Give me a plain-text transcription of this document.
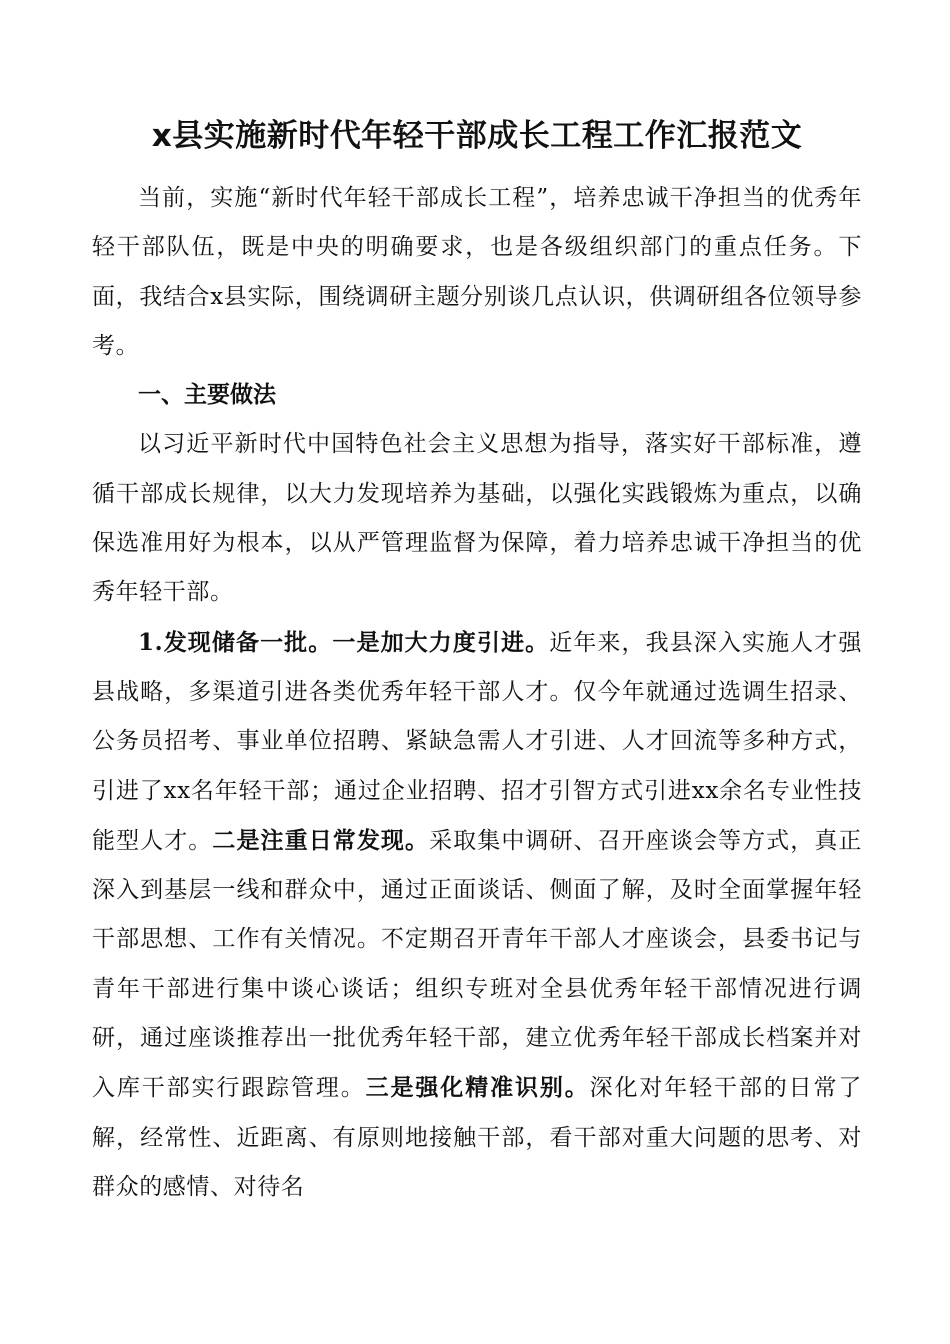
x县实施新时代年轻干部成长工程工作汇报范文

当前，实施“新时代年轻干部成长工程”，培养忠诚干净担当的优秀年轻干部队伍，既是中央的明确要求，也是各级组织部门的重点任务。下面，我结合x县实际，围绕调研主题分别谈几点认识，供调研组各位领导参考。

一、主要做法

以习近平新时代中国特色社会主义思想为指导，落实好干部标准，遵循干部成长规律，以大力发现培养为基础，以强化实践锻炼为重点，以确保选准用好为根本，以从严管理监督为保障，着力培养忠诚干净担当的优秀年轻干部。

1.发现储备一批。一是加大力度引进。近年来，我县深入实施人才强县战略，多渠道引进各类优秀年轻干部人才。仅今年就通过选调生招录、公务员招考、事业单位招聘、紧缺急需人才引进、人才回流等多种方式，引进了xx名年轻干部；通过企业招聘、招才引智方式引进xx余名专业性技能型人才。二是注重日常发现。采取集中调研、召开座谈会等方式，真正深入到基层一线和群众中，通过正面谈话、侧面了解，及时全面掌握年轻干部思想、工作有关情况。不定期召开青年干部人才座谈会，县委书记与青年干部进行集中谈心谈话；组织专班对全县优秀年轻干部情况进行调研，通过座谈推荐出一批优秀年轻干部，建立优秀年轻干部成长档案并对入库干部实行跟踪管理。三是强化精准识别。深化对年轻干部的日常了解，经常性、近距离、有原则地接触干部，看干部对重大问题的思考、对群众的感情、对待名
